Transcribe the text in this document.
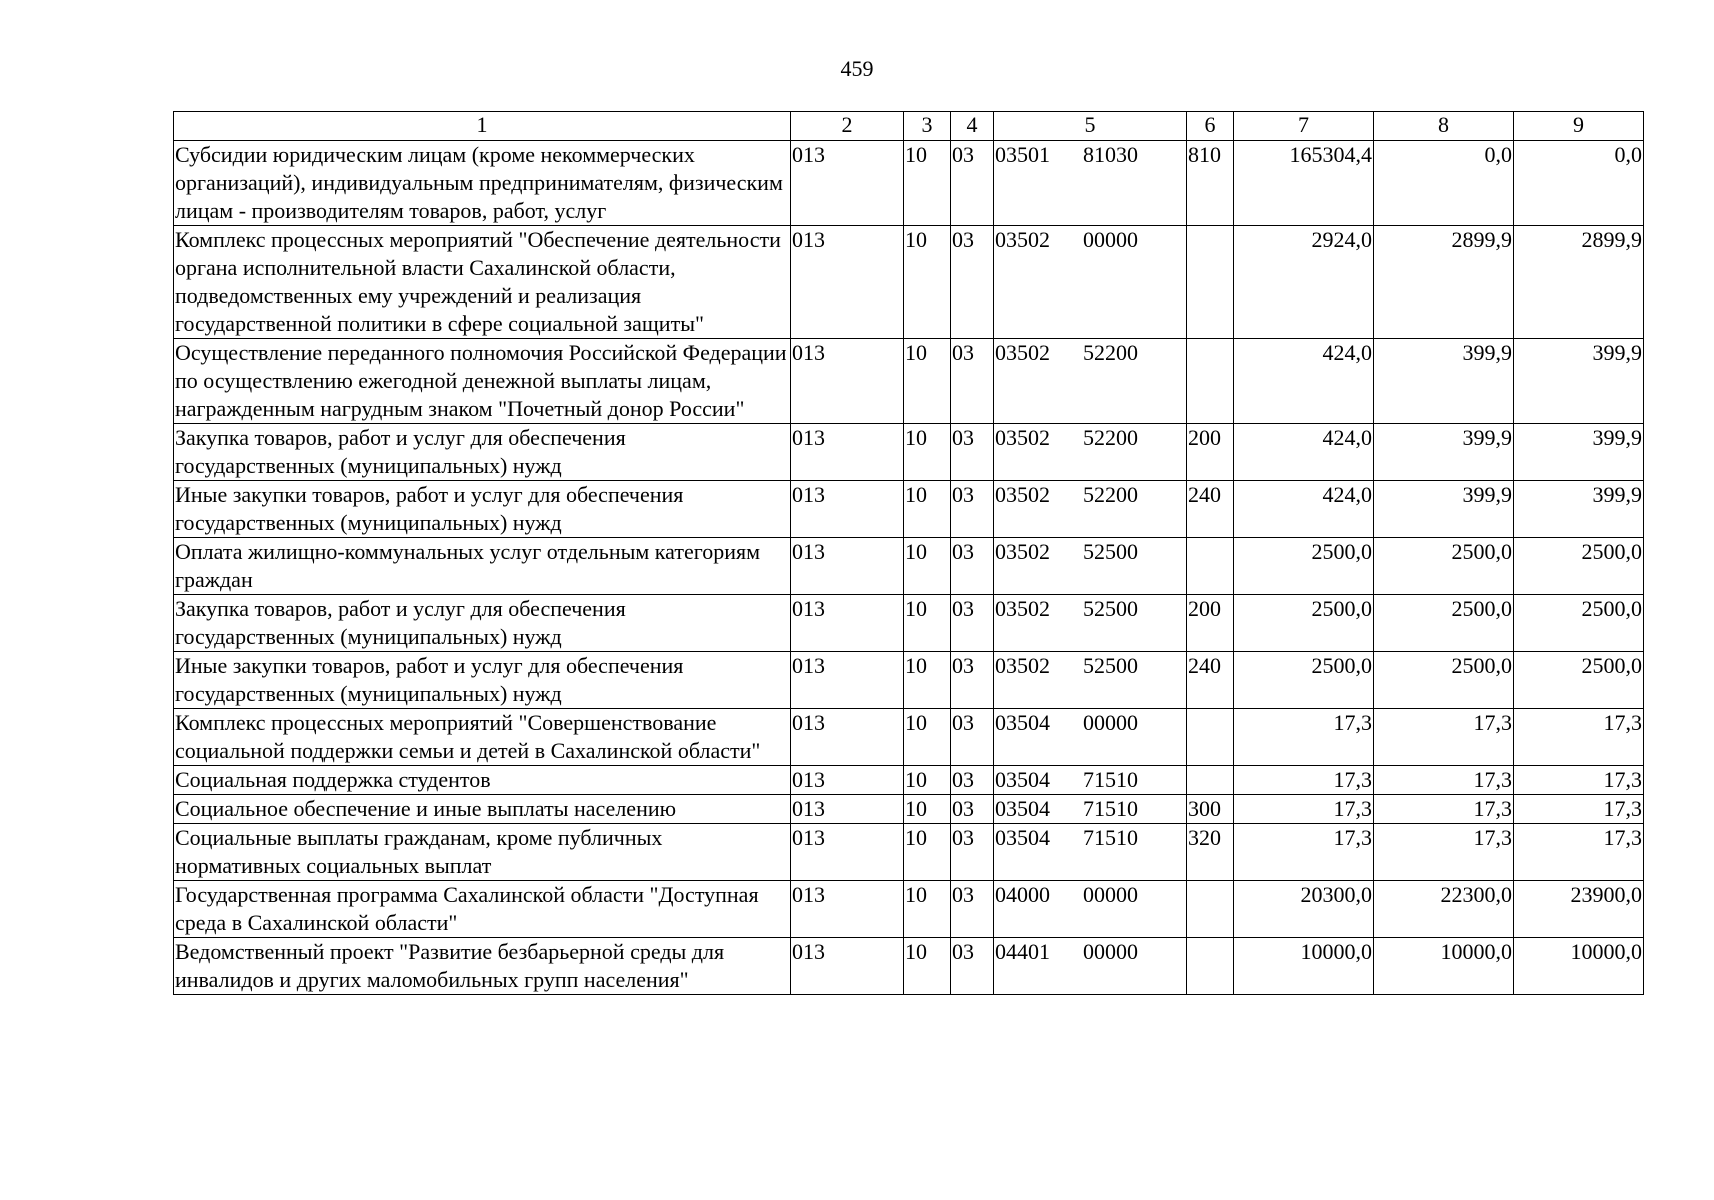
459
1	2	3	4	5	6	7	8	9
Субсидии юридическим лицам (кроме некоммерческих организаций), индивидуальным предпринимателям, физическим лицам - производителям товаров, работ, услуг	013	10	03	03501 81030	810	165304,4	0,0	0,0
Комплекс процессных мероприятий "Обеспечение деятельности органа исполнительной власти Сахалинской области, подведомственных ему учреждений и реализация государственной политики в сфере социальной защиты"	013	10	03	03502 00000		2924,0	2899,9	2899,9
Осуществление переданного полномочия Российской Федерации по осуществлению ежегодной денежной выплаты лицам, награжденным нагрудным знаком "Почетный донор России"	013	10	03	03502 52200		424,0	399,9	399,9
Закупка товаров, работ и услуг для обеспечения государственных (муниципальных) нужд	013	10	03	03502 52200	200	424,0	399,9	399,9
Иные закупки товаров, работ и услуг для обеспечения государственных (муниципальных) нужд	013	10	03	03502 52200	240	424,0	399,9	399,9
Оплата жилищно-коммунальных услуг отдельным категориям граждан	013	10	03	03502 52500		2500,0	2500,0	2500,0
Закупка товаров, работ и услуг для обеспечения государственных (муниципальных) нужд	013	10	03	03502 52500	200	2500,0	2500,0	2500,0
Иные закупки товаров, работ и услуг для обеспечения государственных (муниципальных) нужд	013	10	03	03502 52500	240	2500,0	2500,0	2500,0
Комплекс процессных мероприятий "Совершенствование социальной поддержки семьи и детей в Сахалинской области"	013	10	03	03504 00000		17,3	17,3	17,3
Социальная поддержка студентов	013	10	03	03504 71510		17,3	17,3	17,3
Социальное обеспечение и иные выплаты населению	013	10	03	03504 71510	300	17,3	17,3	17,3
Социальные выплаты гражданам, кроме публичных нормативных социальных выплат	013	10	03	03504 71510	320	17,3	17,3	17,3
Государственная программа Сахалинской области "Доступная среда в Сахалинской области"	013	10	03	04000 00000		20300,0	22300,0	23900,0
Ведомственный проект "Развитие безбарьерной среды для инвалидов и других маломобильных групп населения"	013	10	03	04401 00000		10000,0	10000,0	10000,0
